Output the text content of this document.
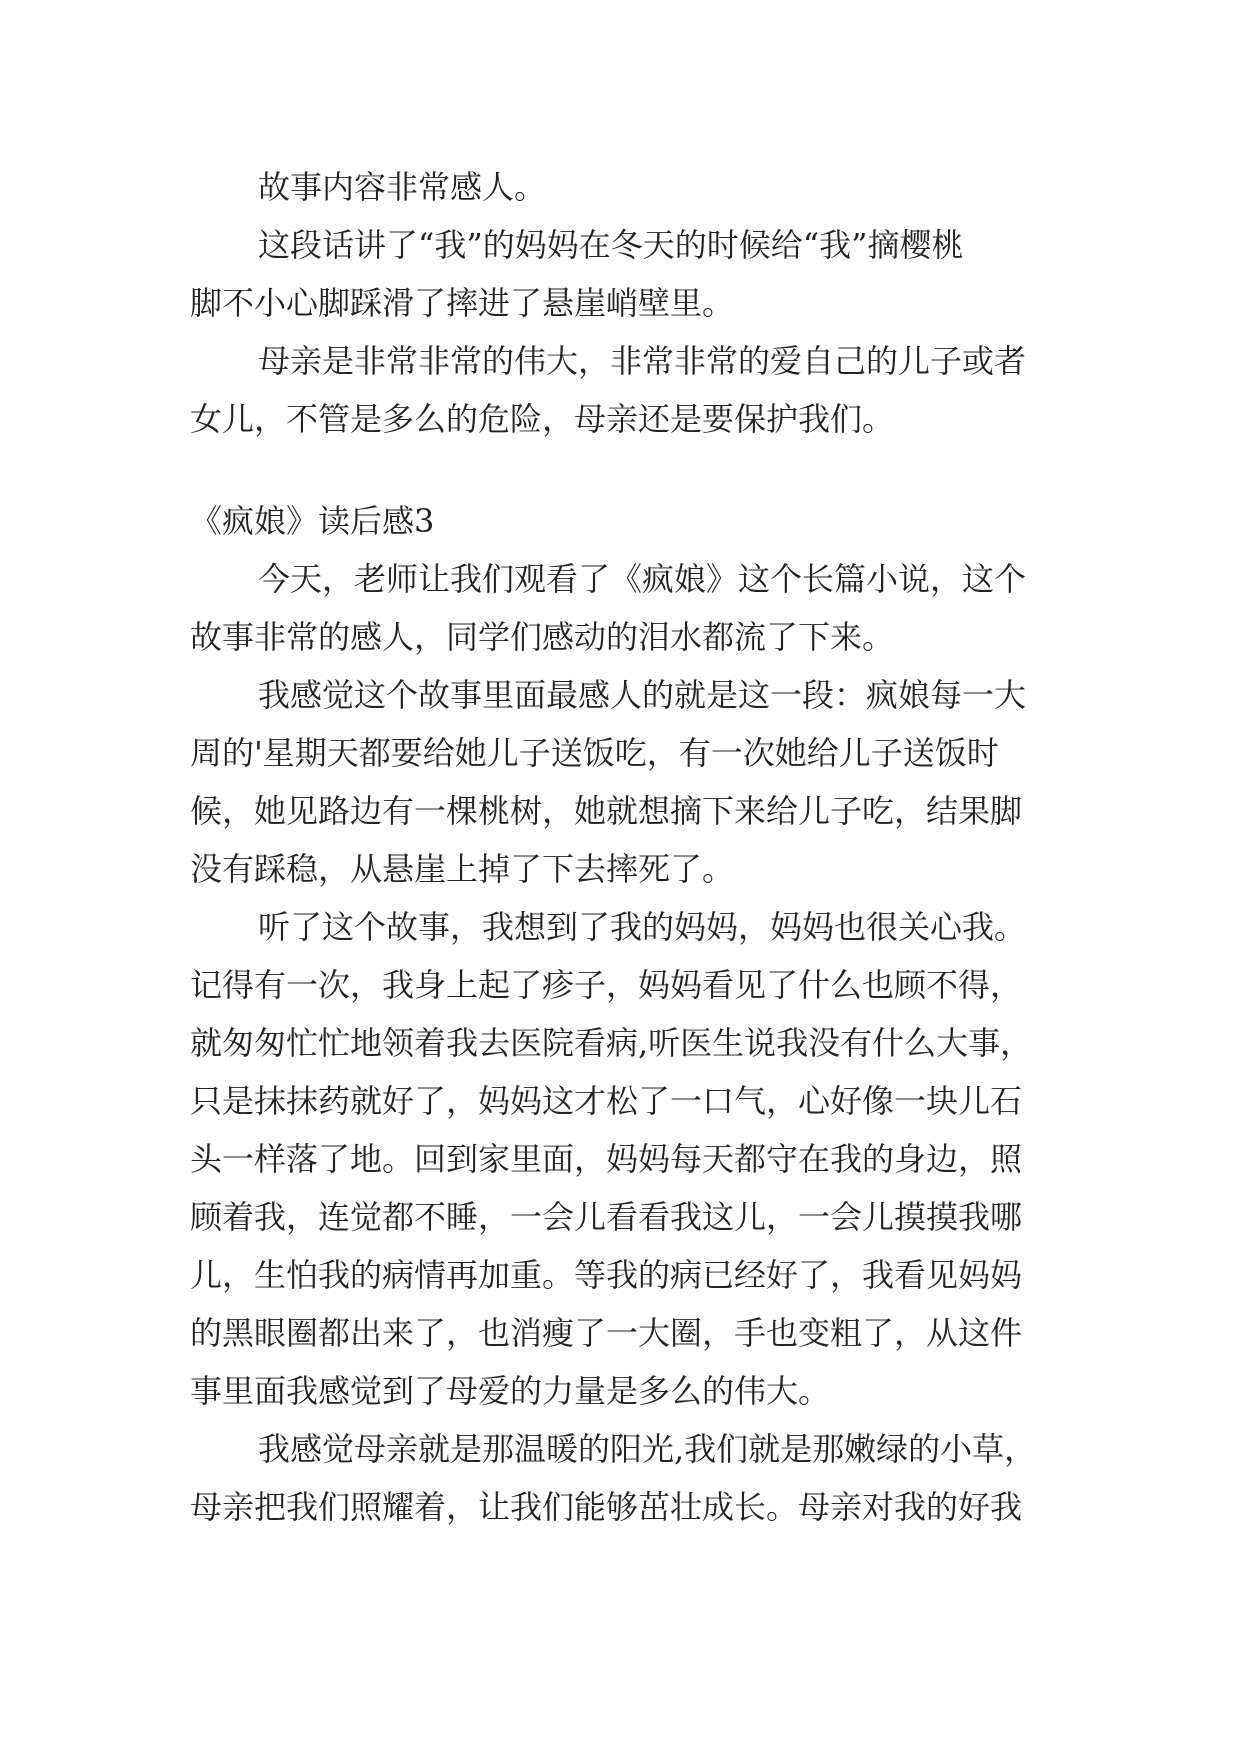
故事内容非常感人。
这段话讲了“我”的妈妈在冬天的时候给“我”摘樱桃
脚不小心脚踩滑了摔进了悬崖峭壁里。
母亲是非常非常的伟大，非常非常的爱自己的儿子或者
女儿，不管是多么的危险，母亲还是要保护我们。
《疯娘》读后感3
今天，老师让我们观看了《疯娘》这个长篇小说，这个
故事非常的感人，同学们感动的泪水都流了下来。
我感觉这个故事里面最感人的就是这一段：疯娘每一大
周的'星期天都要给她儿子送饭吃，有一次她给儿子送饭时
候，她见路边有一棵桃树，她就想摘下来给儿子吃，结果脚
没有踩稳，从悬崖上掉了下去摔死了。
听了这个故事，我想到了我的妈妈，妈妈也很关心我。
记得有一次，我身上起了疹子，妈妈看见了什么也顾不得，
就匆匆忙忙地领着我去医院看病,听医生说我没有什么大事，
只是抹抹药就好了，妈妈这才松了一口气，心好像一块儿石
头一样落了地。回到家里面，妈妈每天都守在我的身边，照
顾着我，连觉都不睡，一会儿看看我这儿，一会儿摸摸我哪
儿，生怕我的病情再加重。等我的病已经好了，我看见妈妈
的黑眼圈都出来了，也消瘦了一大圈，手也变粗了，从这件
事里面我感觉到了母爱的力量是多么的伟大。
我感觉母亲就是那温暖的阳光,我们就是那嫩绿的小草，
母亲把我们照耀着，让我们能够茁壮成长。母亲对我的好我
